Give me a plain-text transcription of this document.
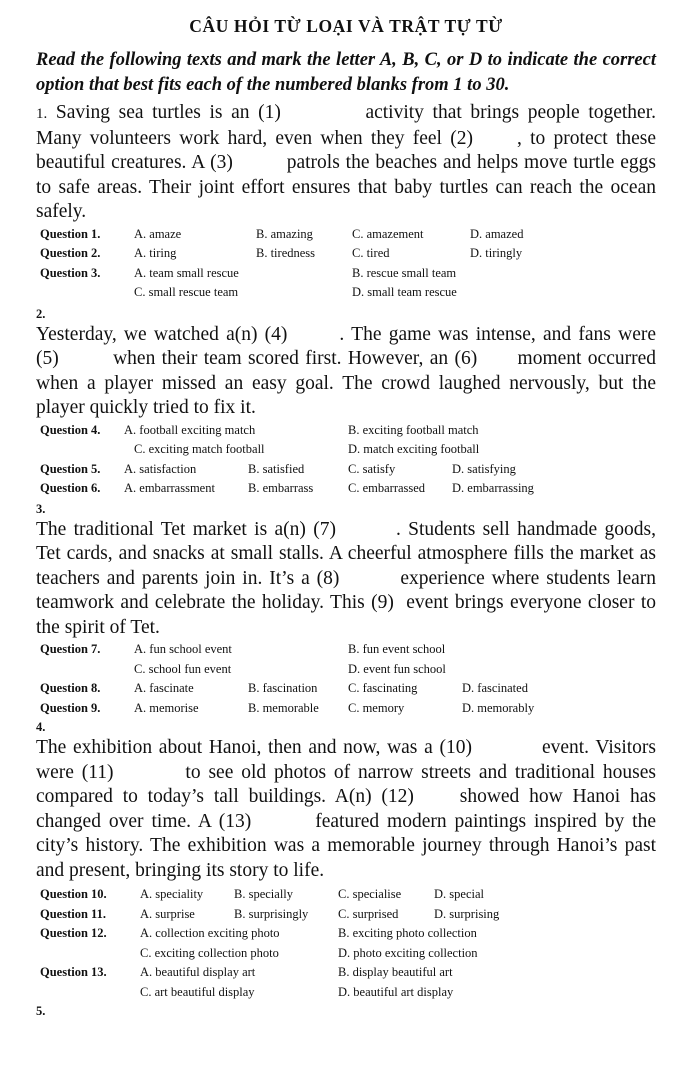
CÂU HỎI TỪ LOẠI VÀ TRẬT TỰ TỪ
Read the following texts and mark the letter A, B, C, or D to indicate the correct option that best fits each of the numbered blanks from 1 to 30.

1. Saving sea turtles is an (1)	activity that brings people together. Many volunteers work hard, even when they feel (2) , to protect these beautiful creatures. A (3)	patrols the beaches and helps move turtle eggs to safe areas. Their joint effort ensures that baby turtles can reach the ocean safely.

Question 1.	A. amaze	B. amazing	C. amazement	D. amazed
Question 2.	A. tiring	B. tiredness	C. tired	D. tiringly
Question 3.	A. team small rescue	B. rescue small team
C. small rescue team	D. small team rescue
2.

Yesterday, we watched a(n) (4)	. The game was intense, and fans were (5)	when their team scored first. However, an (6) moment occurred when a player missed an easy goal. The crowd laughed nervously, but the player quickly tried to fix it.

Question 4. A. football exciting match	B. exciting football match
C. exciting match football	D. match exciting football
Question 5. A. satisfaction	B. satisfied	C. satisfy	D. satisfying
Question 6. A. embarrassment	B. embarrass	C. embarrassed D. embarrassing
3.

The traditional Tet market is a(n) (7)	. Students sell handmade goods, Tet cards, and snacks at small stalls. A cheerful atmosphere fills the market as teachers and parents join in. It’s a (8)	experience where students learn teamwork and celebrate the holiday. This (9) event brings everyone closer to the spirit of Tet.

Question 7.	A. fun school event	B. fun event school
C. school fun event	D. event fun school
Question 8.	A. fascinate	B. fascination C. fascinating	D. fascinated
Question 9.	A. memorise	B. memorable C. memory	D. memorably
4.

The exhibition about Hanoi, then and now, was a (10)	event. Visitors were (11)	to see old photos of narrow streets and traditional houses compared to today’s tall buildings. A(n) (12) showed how Hanoi has changed over time. A (13)	featured modern paintings inspired by the city’s history. The exhibition was a memorable journey through Hanoi’s past and present, bringing its story to life.

Question 10.	A. speciality B. specially	C. specialise	D. special
Question 11.	A. surprise	B. surprisingly C. surprised	D. surprising
Question 12.	A. collection exciting photo	B. exciting photo collection
C. exciting collection photo	D. photo exciting collection
Question 13.	A. beautiful display art	B. display beautiful art
C. art beautiful display	D. beautiful art display
5.
